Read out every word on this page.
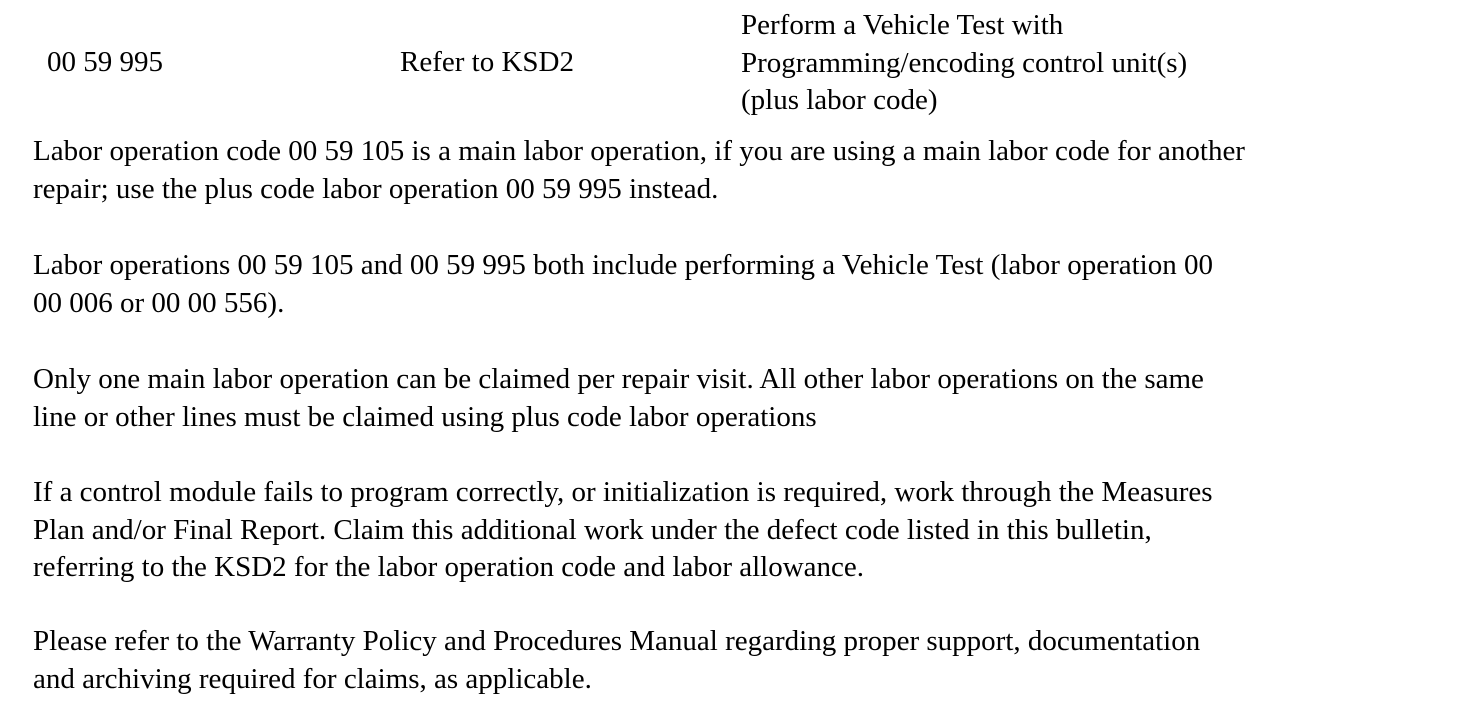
00 59 995	Refer to KSD2
Perform a Vehicle Test with
Programming/encoding control unit(s)
(plus labor code)

Labor operation code 00 59 105 is a main labor operation, if you are using a main labor code for another
repair; use the plus code labor operation 00 59 995 instead.

Labor operations 00 59 105 and 00 59 995 both include performing a Vehicle Test (labor operation 00
00 006 or 00 00 556).

Only one main labor operation can be claimed per repair visit. All other labor operations on the same
line or other lines must be claimed using plus code labor operations

If a control module fails to program correctly, or initialization is required, work through the Measures
Plan and/or Final Report. Claim this additional work under the defect code listed in this bulletin,
referring to the KSD2 for the labor operation code and labor allowance.

Please refer to the Warranty Policy and Procedures Manual regarding proper support, documentation
and archiving required for claims, as applicable.
